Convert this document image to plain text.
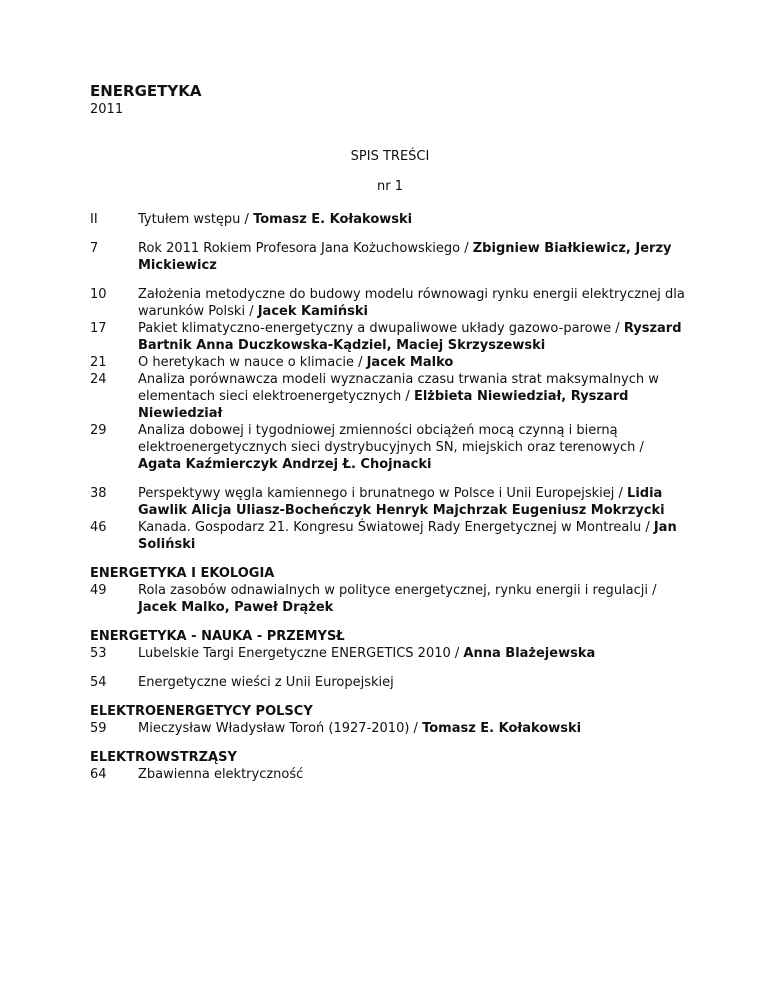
ENERGETYKA
2011
SPIS TREŚCI
nr 1
II	Tytułem wstępu / Tomasz E. Kołakowski
7	Rok 2011 Rokiem Profesora Jana Kożuchowskiego / Zbigniew Białkiewicz, Jerzy Mickiewicz
10	Założenia metodyczne do budowy modelu równowagi rynku energii elektrycznej dla warunków Polski / Jacek Kamiński
17	Pakiet klimatyczno-energetyczny a dwupaliwowe układy gazowo-parowe / Ryszard Bartnik Anna Duczkowska-Kądziel, Maciej Skrzyszewski
21	O heretykach w nauce o klimacie / Jacek Malko
24	Analiza porównawcza modeli wyznaczania czasu trwania strat maksymalnych w elementach sieci elektroenergetycznych / Elżbieta Niewiedział, Ryszard Niewiedział
29	Analiza dobowej i tygodniowej zmienności obciążeń mocą czynną i bierną elektroenergetycznych sieci dystrybucyjnych SN, miejskich oraz terenowych / Agata Kaźmierczyk Andrzej Ł. Chojnacki
38	Perspektywy węgla kamiennego i brunatnego w Polsce i Unii Europejskiej / Lidia Gawlik Alicja Uliasz-Bocheńczyk Henryk Majchrzak Eugeniusz Mokrzycki
46	Kanada. Gospodarz 21. Kongresu Światowej Rady Energetycznej w Montrealu / Jan Soliński
ENERGETYKA I EKOLOGIA
49	Rola zasobów odnawialnych w polityce energetycznej, rynku energii i regulacji / Jacek Malko, Paweł Drążek
ENERGETYKA - NAUKA - PRZEMYSŁ
53	Lubelskie Targi Energetyczne ENERGETICS 2010 / Anna Blażejewska
54	Energetyczne wieści z Unii Europejskiej
ELEKTROENERGETYCY POLSCY
59	Mieczysław Władysław Toroń (1927-2010) / Tomasz E. Kołakowski
ELEKTROWSTRZĄSY
64	Zbawienna elektryczność
